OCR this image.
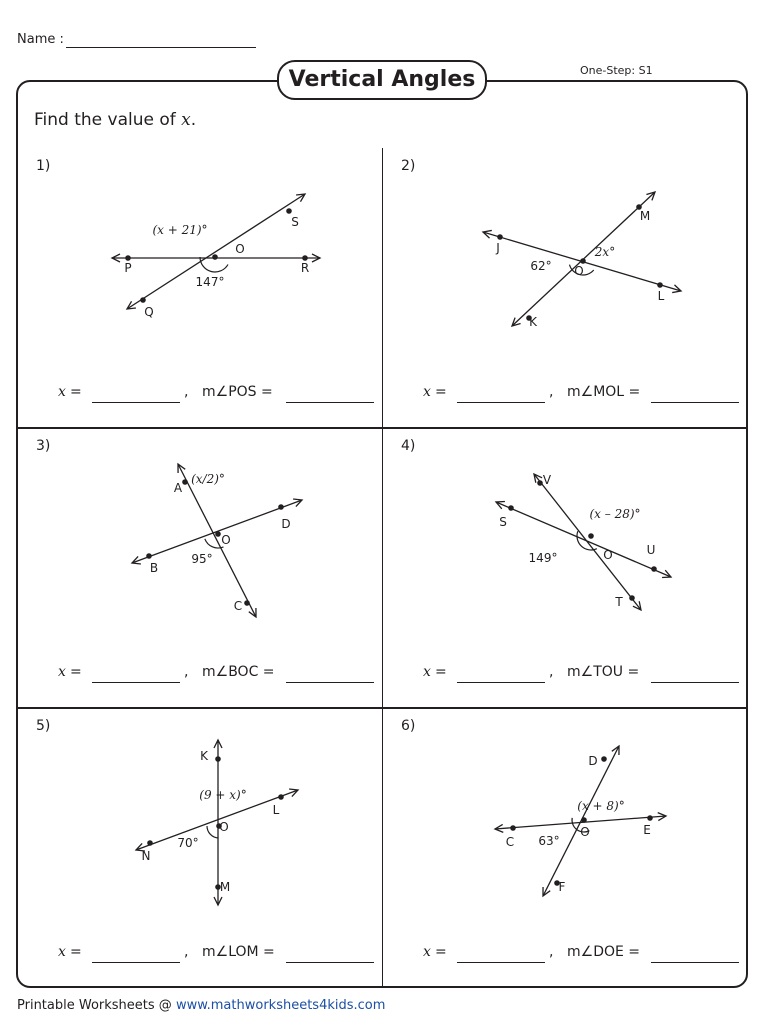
Name :
Vertical Angles	One-Step: S1
Find the value of x.
1)
P	R
Q
S
O
(x + 21)°
147°
x =	, m∠POS =
2)
J
L
K
M
O
2x°
62°
x =	, m∠MOL =
3)
A
C
B
D
O
(x/2)°
95°
x =	, m∠BOC =
4)
S
U
V
T
O
(x – 28)°
149°
x =	, m∠TOU =
5)
K
M
N
L
O
(9 + x)°
70°
x =	, m∠LOM =
6)
C
E
F
D
O
(x + 8)°
63°
x =	, m∠DOE =
Printable Worksheets @ www.mathworksheets4kids.com
